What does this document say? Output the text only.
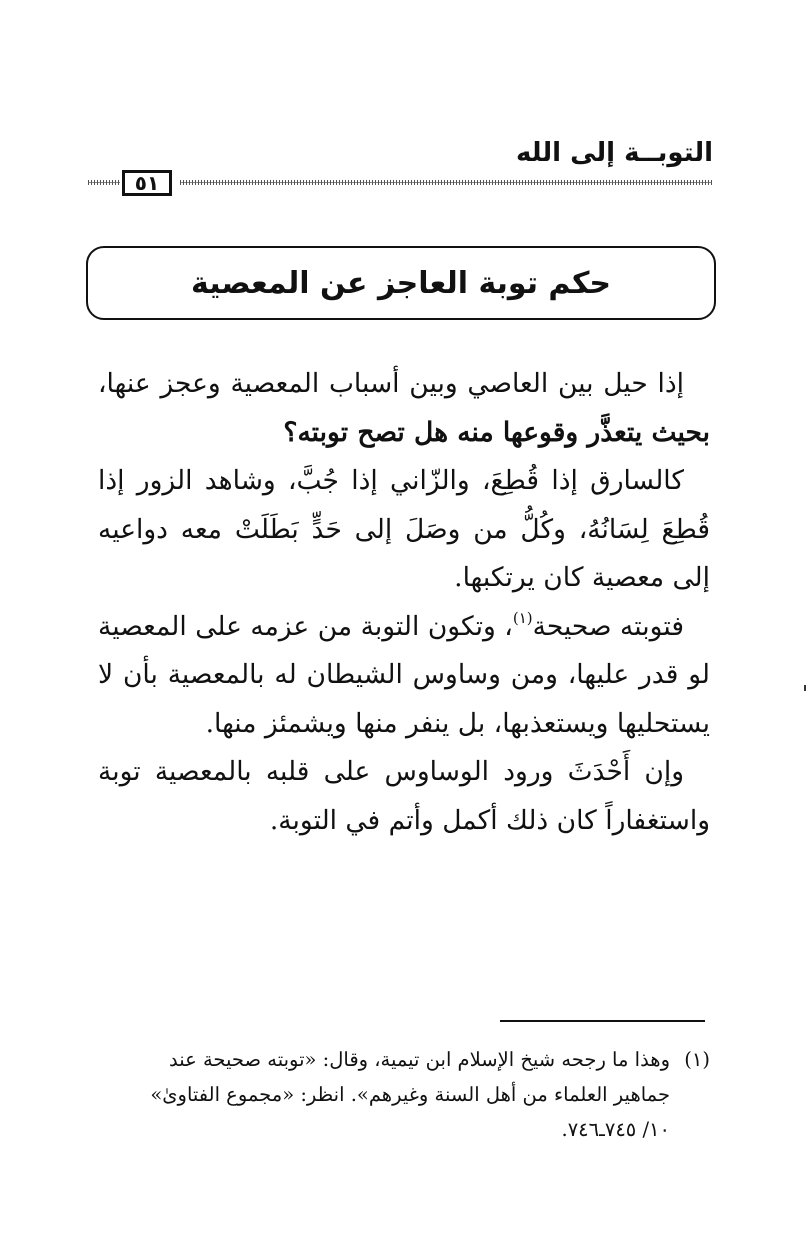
التوبــة إلى الله
٥١
حكم توبة العاجز عن المعصية

إذا حيل بين العاصي وبين أسباب المعصية وعجز عنها، بحيث يتعذَّر وقوعها منه هل تصح توبته؟

كالسارق إذا قُطِعَ، والزّاني إذا جُبَّ، وشاهد الزور إذا قُطِعَ لِسَانُهُ، وكُلُّ من وصَلَ إلى حَدٍّ بَطَلَتْ معه دواعيه إلى معصية كان يرتكبها.

فتوبته صحيحة$^{(١)}$، وتكون التوبة من عزمه على المعصية لو قدر عليها، ومن وساوس الشيطان له بالمعصية بأن لا يستحليها ويستعذبها، بل ينفر منها ويشمئز منها.

وإن أَحْدَثَ ورود الوساوس على قلبه بالمعصية توبة واستغفاراً كان ذلك أكمل وأتم في التوبة.

(١)وهذا ما رجحه شيخ الإسلام ابن تيمية، وقال: «توبته صحيحة عند
جماهير العلماء من أهل السنة وغيرهم». انظر: «مجموع الفتاوىٰ»
١٠/ ٧٤٥ـ٧٤٦.
